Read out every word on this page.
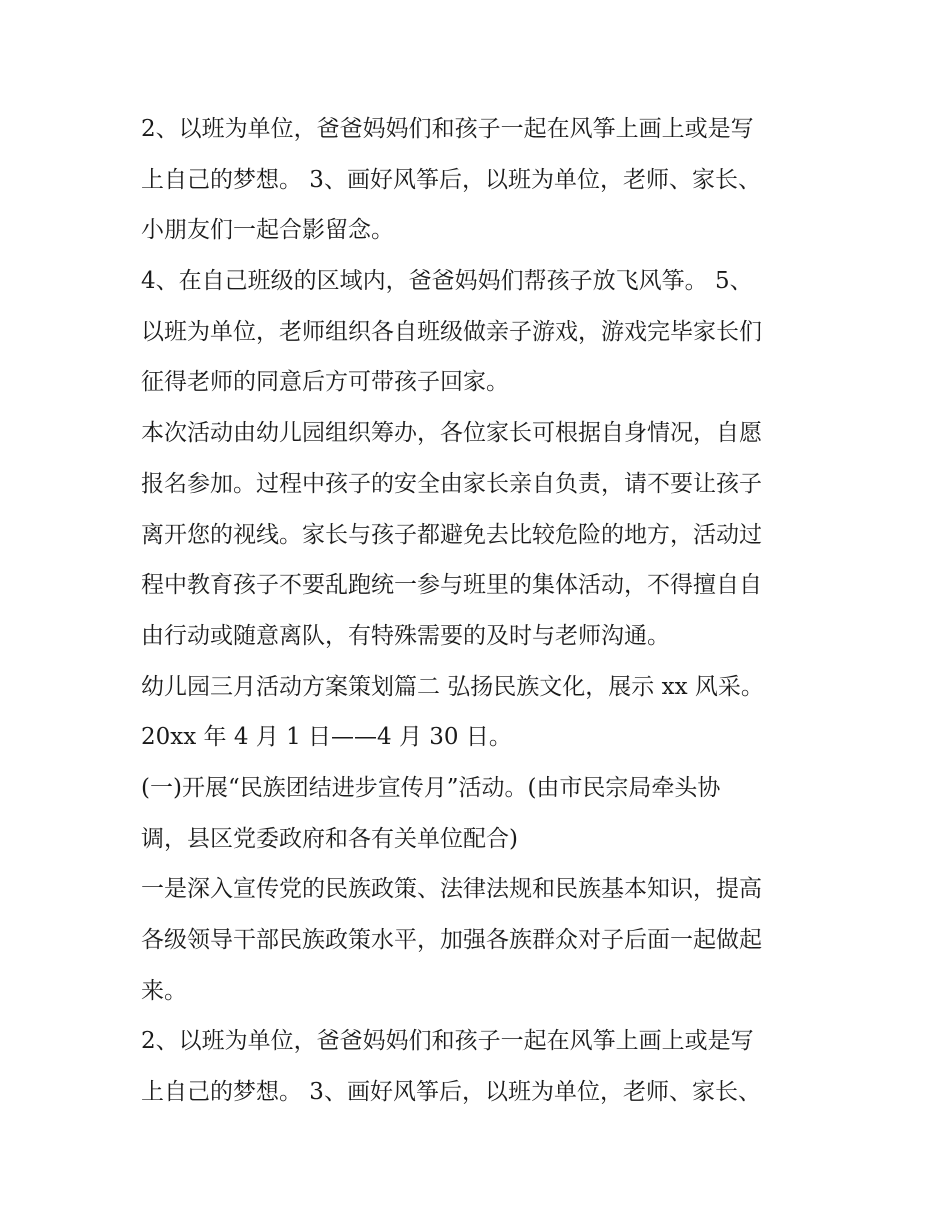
2、以班为单位，爸爸妈妈们和孩子一起在风筝上画上或是写
上自己的梦想。 3、画好风筝后，以班为单位，老师、家长、
小朋友们一起合影留念。

4、在自己班级的区域内，爸爸妈妈们帮孩子放飞风筝。 5、
以班为单位，老师组织各自班级做亲子游戏，游戏完毕家长们
征得老师的同意后方可带孩子回家。

本次活动由幼儿园组织筹办，各位家长可根据自身情况，自愿
报名参加。过程中孩子的安全由家长亲自负责，请不要让孩子
离开您的视线。家长与孩子都避免去比较危险的地方，活动过
程中教育孩子不要乱跑统一参与班里的集体活动，不得擅自自
由行动或随意离队，有特殊需要的及时与老师沟通。

幼儿园三月活动方案策划篇二 弘扬民族文化，展示 xx 风采。

20xx 年 4 月 1 日——4 月 30 日。

(一)开展“民族团结进步宣传月”活动。(由市民宗局牵头协
调，县区党委政府和各有关单位配合)

一是深入宣传党的民族政策、法律法规和民族基本知识，提高
各级领导干部民族政策水平，加强各族群众对子后面一起做起
来。

2、以班为单位，爸爸妈妈们和孩子一起在风筝上画上或是写
上自己的梦想。 3、画好风筝后，以班为单位，老师、家长、
